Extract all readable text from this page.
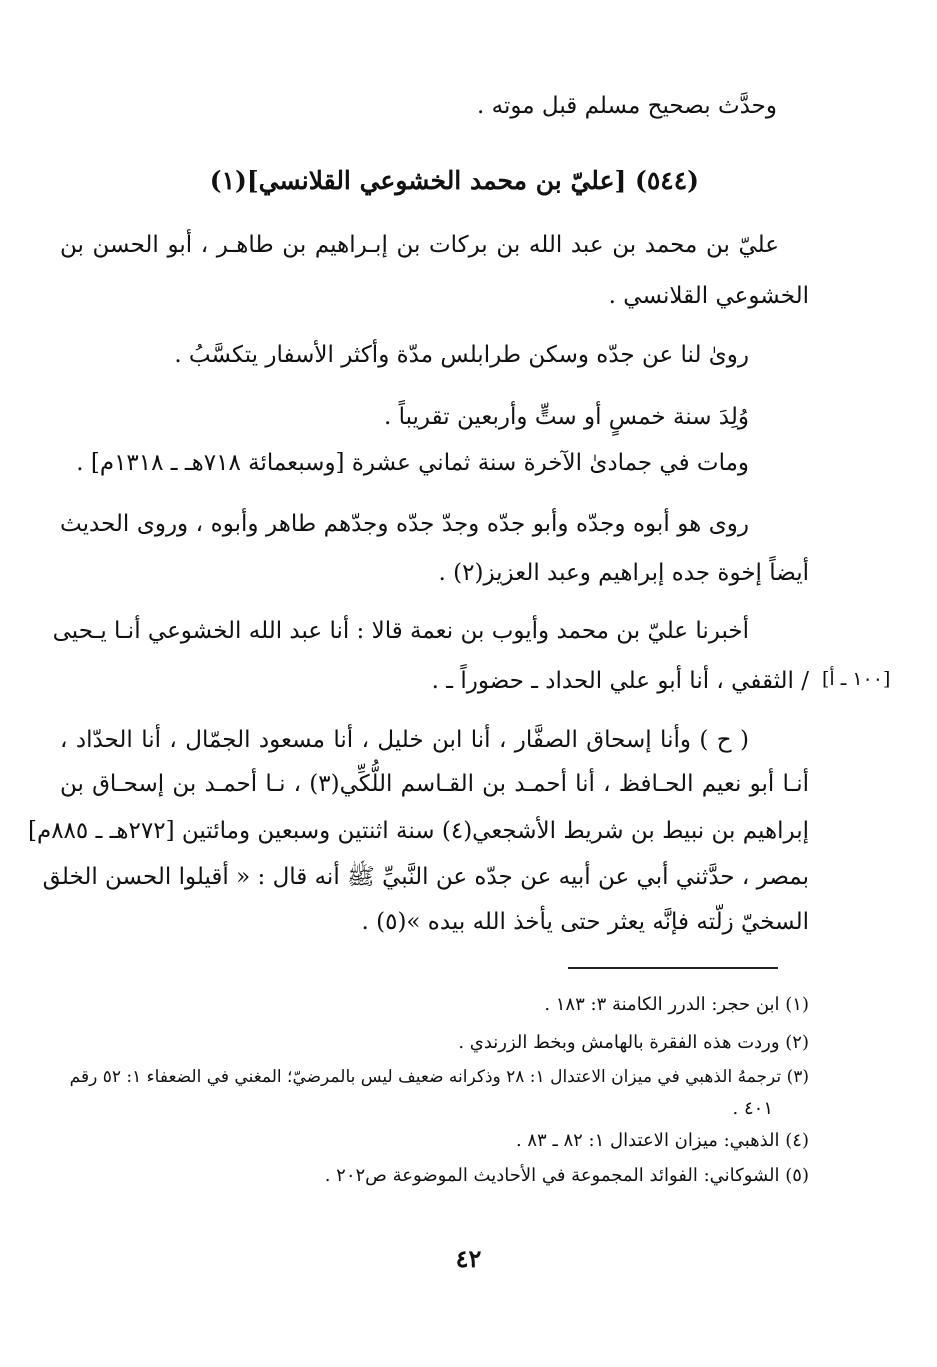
وحدَّث بصحيح مسلم قبل موته .
(٥٤٤) [عليّ بن محمد الخشوعي القلانسي](١)
عليّ بن محمد بن عبد الله بن بركات بن إبـراهيم بن طاهـر ، أبو الحسن بن
الخشوعي القلانسي .
روىٰ لنا عن جدّه وسكن طرابلس مدّة وأكثر الأسفار يتكسَّبُ .
وُلِدَ سنة خمسٍ أو ستٍّ وأربعين تقريباً .
ومات في جمادىٰ الآخرة سنة ثماني عشرة [وسبعمائة ٧١٨هـ ـ ١٣١٨م] .
روى هو أبوه وجدّه وأبو جدّه وجدّ جدّه وجدّهم طاهر وأبوه ، وروى الحديث
أيضاً إخوة جده إبراهيم وعبد العزيز(٢) .
أخبرنا عليّ بن محمد وأيوب بن نعمة قالا : أنا عبد الله الخشوعي أنـا يـحيى
/ الثقفي ، أنا أبو علي الحداد ـ حضوراً ـ . [١٠٠ ـ أ]
( ح ) وأنا إسحاق الصفَّار ، أنا ابن خليل ، أنا مسعود الجمّال ، أنا الحدّاد ،
أنـا أبو نعيم الحـافظ ، أنا أحمـد بن القـاسم اللُّكِّي(٣) ، نـا أحمـد بن إسحـاق بن
إبراهيم بن نبيط بن شريط الأشجعي(٤) سنة اثنتين وسبعين ومائتين [٢٧٢هـ ـ ٨٨٥م]
بمصر ، حدَّثني أبي عن أبيه عن جدّه عن النَّبيِّ ﷺ أنه قال : « أقيلوا الحسن الخلق
السخيّ زلّته فإنَّه يعثر حتى يأخذ الله بيده »(٥) .
(١) ابن حجر: الدرر الكامنة ٣: ١٨٣ .
(٢) وردت هذه الفقرة بالهامش وبخط الزرندي .
(٣) ترجمهُ الذهبي في ميزان الاعتدال ١: ٢٨ وذكرانه ضعيف ليس بالمرضيّ؛ المغني في الضعفاء ١: ٥٢ رقم
٤٠١ .
(٤) الذهبي: ميزان الاعتدال ١: ٨٢ ـ ٨٣ .
(٥) الشوكاني: الفوائد المجموعة في الأحاديث الموضوعة ص٢٠٢ .
٤٢
